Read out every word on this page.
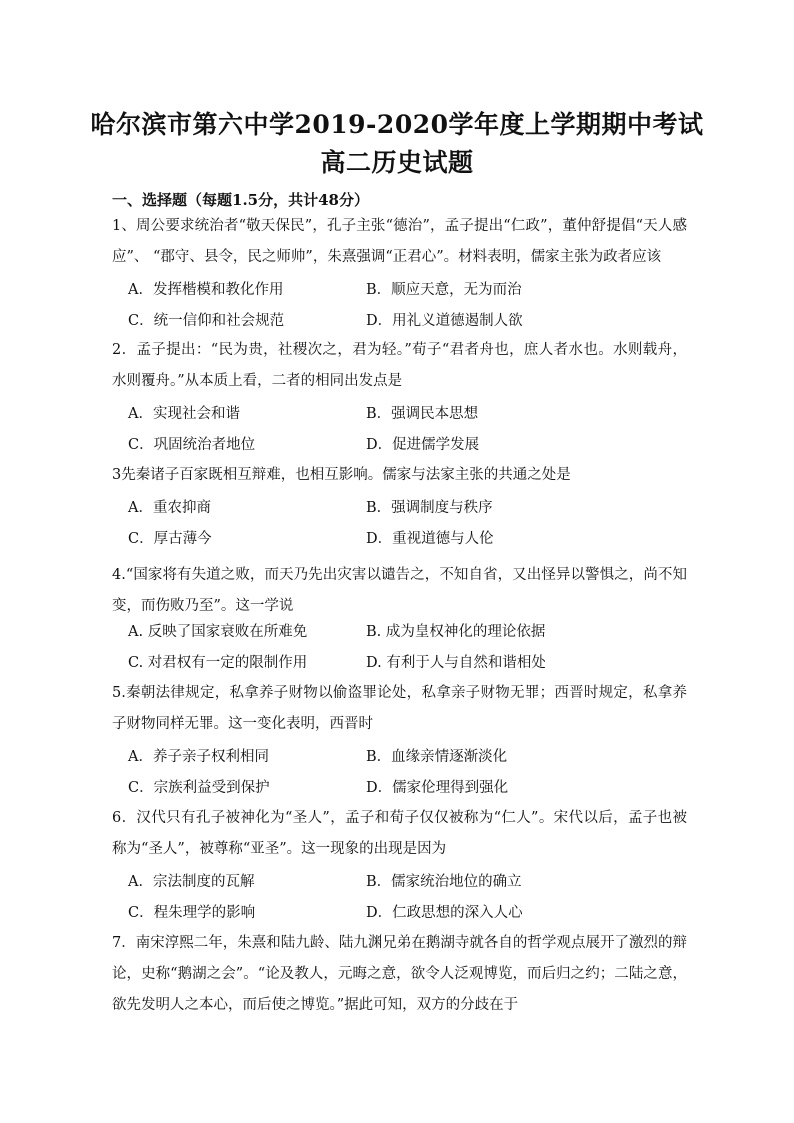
哈尔滨市第六中学2019-2020学年度上学期期中考试
高二历史试题
一、选择题（每题1.5分，共计48分）
1、周公要求统治者“敬天保民”，孔子主张“德治”，孟子提出“仁政”，董仲舒提倡“天人感应”、 “郡守、县令，民之师帅”，朱熹强调“正君心”。材料表明，儒家主张为政者应该
A．发挥楷模和教化作用	B．顺应天意，无为而治
C．统一信仰和社会规范	D．用礼义道德遏制人欲
2．孟子提出：“民为贵，社稷次之，君为轻。”荀子“君者舟也，庶人者水也。水则载舟，水则覆舟。”从本质上看，二者的相同出发点是
A．实现社会和谐	B．强调民本思想
C．巩固统治者地位	D．促进儒学发展
3先秦诸子百家既相互辩难，也相互影响。儒家与法家主张的共通之处是
A．重农抑商	B．强调制度与秩序
C．厚古薄今	D．重视道德与人伦
4.“国家将有失道之败，而天乃先出灾害以谴告之，不知自省，又出怪异以警惧之，尚不知变，而伤败乃至”。这一学说
A. 反映了国家衰败在所难免	B. 成为皇权神化的理论依据
C. 对君权有一定的限制作用	D. 有利于人与自然和谐相处
5.秦朝法律规定，私拿养子财物以偷盗罪论处，私拿亲子财物无罪；西晋时规定，私拿养子财物同样无罪。这一变化表明，西晋时
A．养子亲子权利相同	B．血缘亲情逐渐淡化
C．宗族利益受到保护	D．儒家伦理得到强化
6．汉代只有孔子被神化为“圣人”，孟子和荀子仅仅被称为“仁人”。宋代以后，孟子也被称为“圣人”，被尊称“亚圣”。这一现象的出现是因为
A．宗法制度的瓦解	B．儒家统治地位的确立
C．程朱理学的影响	D．仁政思想的深入人心
7．南宋淳熙二年，朱熹和陆九龄、陆九渊兄弟在鹅湖寺就各自的哲学观点展开了激烈的辩论，史称“鹅湖之会”。“论及教人，元晦之意，欲令人泛观博览，而后归之约；二陆之意，欲先发明人之本心，而后使之博览。”据此可知，双方的分歧在于
